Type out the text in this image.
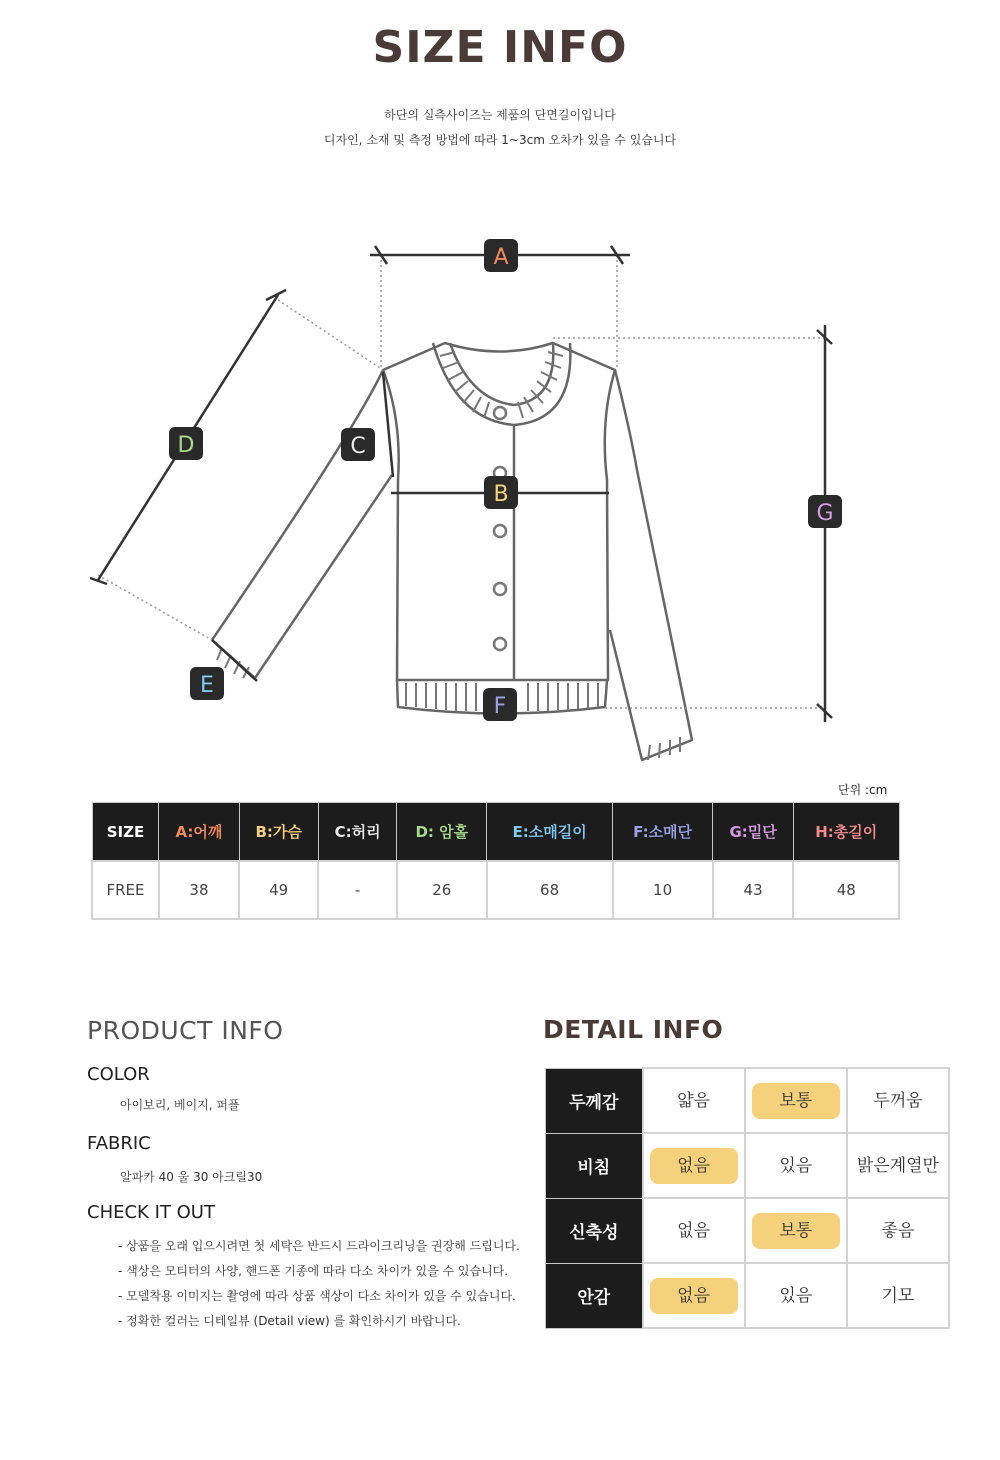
SIZE INFO
하단의 실측사이즈는 제품의 단면길이입니다
디자인, 소재 및 측정 방법에 따라 1~3cm 오차가 있을 수 있습니다
A
B
C
D
E
F
G
단위 :cm
SIZE	A:어깨	B:가슴	C:허리	D: 암홀	E:소매길이	F:소매단	G:밑단	H:총길이
FREE	38	49	-	26	68	10	43	48
PRODUCT INFO
COLOR
아이보리, 베이지, 퍼플
FABRIC
알파카 40 울 30 아크릴30
CHECK IT OUT
- 상품을 오래 입으시려면 첫 세탁은 반드시 드라이크리닝을 권장해 드립니다.
- 색상은 모티터의 사양, 핸드폰 기종에 따라 다소 차이가 있을 수 있습니다.
- 모델착용 이미지는 촬영에 따라 상품 색상이 다소 차이가 있을 수 있습니다.
- 정확한 컬러는 디테일뷰 (Detail view) 를 확인하시기 바랍니다.
DETAIL INFO
두께감	얇음	보통	두꺼움
비침	없음	있음	밝은계열만
신축성	없음	보통	좋음
안감	없음	있음	기모
